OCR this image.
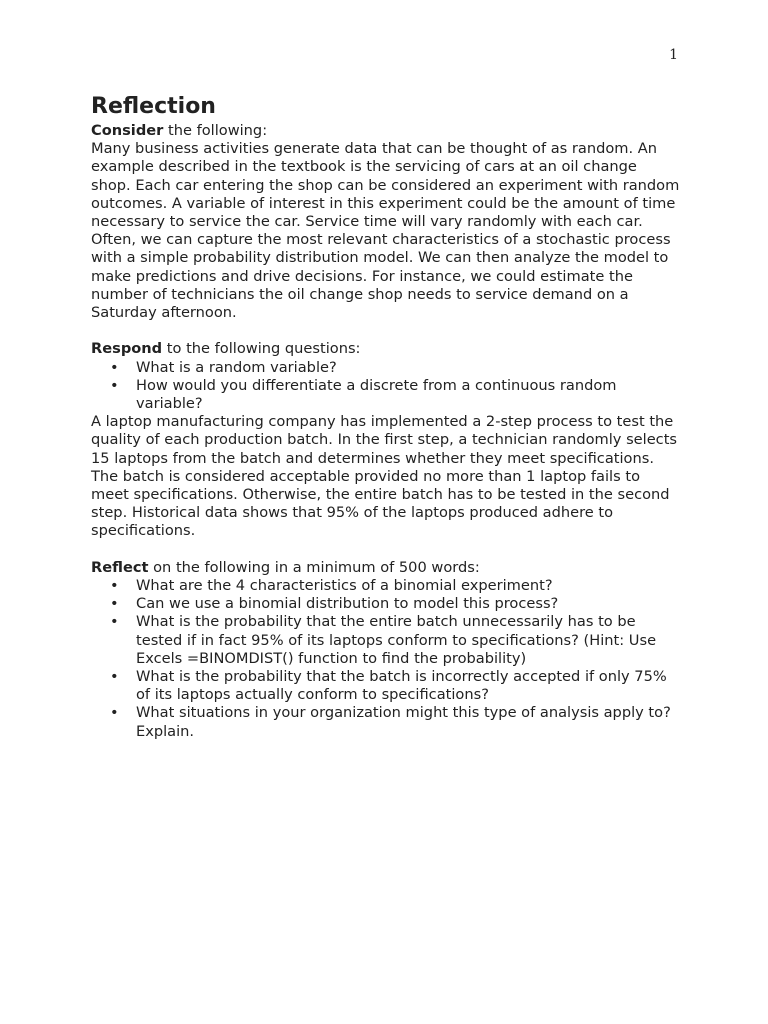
1
Reflection

Consider the following:

Many business activities generate data that can be thought of as random. An example described in the textbook is the servicing of cars at an oil change shop. Each car entering the shop can be considered an experiment with random outcomes. A variable of interest in this experiment could be the amount of time necessary to service the car. Service time will vary randomly with each car. Often, we can capture the most relevant characteristics of a stochastic process with a simple probability distribution model. We can then analyze the model to make predictions and drive decisions. For instance, we could estimate the number of technicians the oil change shop needs to service demand on a Saturday afternoon.

Respond to the following questions:

• What is a random variable?
• How would you differentiate a discrete from a continuous random variable?

A laptop manufacturing company has implemented a 2-step process to test the quality of each production batch. In the first step, a technician randomly selects 15 laptops from the batch and determines whether they meet specifications. The batch is considered acceptable provided no more than 1 laptop fails to meet specifications. Otherwise, the entire batch has to be tested in the second step. Historical data shows that 95% of the laptops produced adhere to specifications.

Reflect on the following in a minimum of 500 words:

• What are the 4 characteristics of a binomial experiment?
• Can we use a binomial distribution to model this process?
• What is the probability that the entire batch unnecessarily has to be tested if in fact 95% of its laptops conform to specifications? (Hint: Use Excels =BINOMDIST() function to find the probability)
• What is the probability that the batch is incorrectly accepted if only 75% of its laptops actually conform to specifications?
• What situations in your organization might this type of analysis apply to? Explain.
